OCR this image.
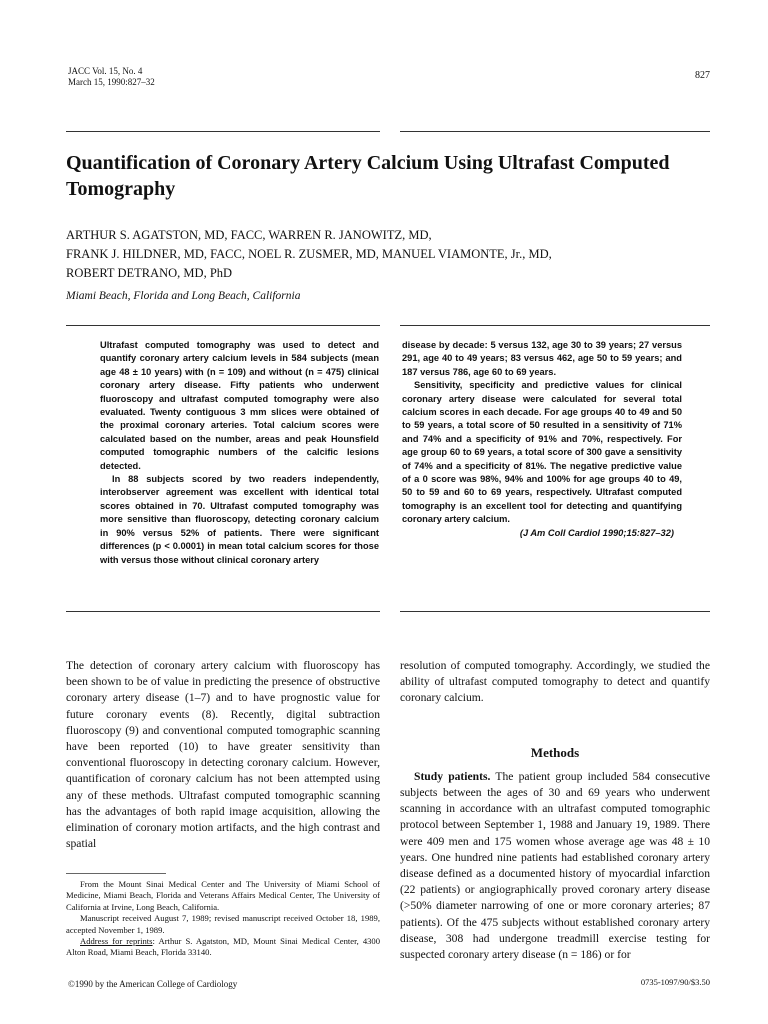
JACC Vol. 15, No. 4
March 15, 1990:827–32
827
Quantification of Coronary Artery Calcium Using Ultrafast Computed Tomography
ARTHUR S. AGATSTON, MD, FACC, WARREN R. JANOWITZ, MD,
FRANK J. HILDNER, MD, FACC, NOEL R. ZUSMER, MD, MANUEL VIAMONTE, Jr., MD,
ROBERT DETRANO, MD, PhD
Miami Beach, Florida and Long Beach, California

Ultrafast computed tomography was used to detect and quantify coronary artery calcium levels in 584 subjects (mean age 48 ± 10 years) with (n = 109) and without (n = 475) clinical coronary artery disease. Fifty patients who underwent fluoroscopy and ultrafast computed tomography were also evaluated. Twenty contiguous 3 mm slices were obtained of the proximal coronary arteries. Total calcium scores were calculated based on the number, areas and peak Hounsfield computed tomographic numbers of the calcific lesions detected.

In 88 subjects scored by two readers independently, interobserver agreement was excellent with identical total scores obtained in 70. Ultrafast computed tomography was more sensitive than fluoroscopy, detecting coronary calcium in 90% versus 52% of patients. There were significant differences (p < 0.0001) in mean total calcium scores for those with versus those without clinical coronary artery

disease by decade: 5 versus 132, age 30 to 39 years; 27 versus 291, age 40 to 49 years; 83 versus 462, age 50 to 59 years; and 187 versus 786, age 60 to 69 years.

Sensitivity, specificity and predictive values for clinical coronary artery disease were calculated for several total calcium scores in each decade. For age groups 40 to 49 and 50 to 59 years, a total score of 50 resulted in a sensitivity of 71% and 74% and a specificity of 91% and 70%, respectively. For age group 60 to 69 years, a total score of 300 gave a sensitivity of 74% and a specificity of 81%. The negative predictive value of a 0 score was 98%, 94% and 100% for age groups 40 to 49, 50 to 59 and 60 to 69 years, respectively. Ultrafast computed tomography is an excellent tool for detecting and quantifying coronary artery calcium.

(J Am Coll Cardiol 1990;15:827–32)

The detection of coronary artery calcium with fluoroscopy has been shown to be of value in predicting the presence of obstructive coronary artery disease (1–7) and to have prognostic value for future coronary events (8). Recently, digital subtraction fluoroscopy (9) and conventional computed tomographic scanning have been reported (10) to have greater sensitivity than conventional fluoroscopy in detecting coronary calcium. However, quantification of coronary calcium has not been attempted using any of these methods. Ultrafast computed tomographic scanning has the advantages of both rapid image acquisition, allowing the elimination of coronary motion artifacts, and the high contrast and spatial

resolution of computed tomography. Accordingly, we studied the ability of ultrafast computed tomography to detect and quantify coronary calcium.

Methods

Study patients. The patient group included 584 consecutive subjects between the ages of 30 and 69 years who underwent scanning in accordance with an ultrafast computed tomographic protocol between September 1, 1988 and January 19, 1989. There were 409 men and 175 women whose average age was 48 ± 10 years. One hundred nine patients had established coronary artery disease defined as a documented history of myocardial infarction (22 patients) or angiographically proved coronary artery disease (>50% diameter narrowing of one or more coronary arteries; 87 patients). Of the 475 subjects without established coronary artery disease, 308 had undergone treadmill exercise testing for suspected coronary artery disease (n = 186) or for

From the Mount Sinai Medical Center and The University of Miami School of Medicine, Miami Beach, Florida and Veterans Affairs Medical Center, The University of California at Irvine, Long Beach, California.

Manuscript received August 7, 1989; revised manuscript received October 18, 1989, accepted November 1, 1989.

Address for reprints: Arthur S. Agatston, MD, Mount Sinai Medical Center, 4300 Alton Road, Miami Beach, Florida 33140.

©1990 by the American College of Cardiology	0735-1097/90/$3.50
